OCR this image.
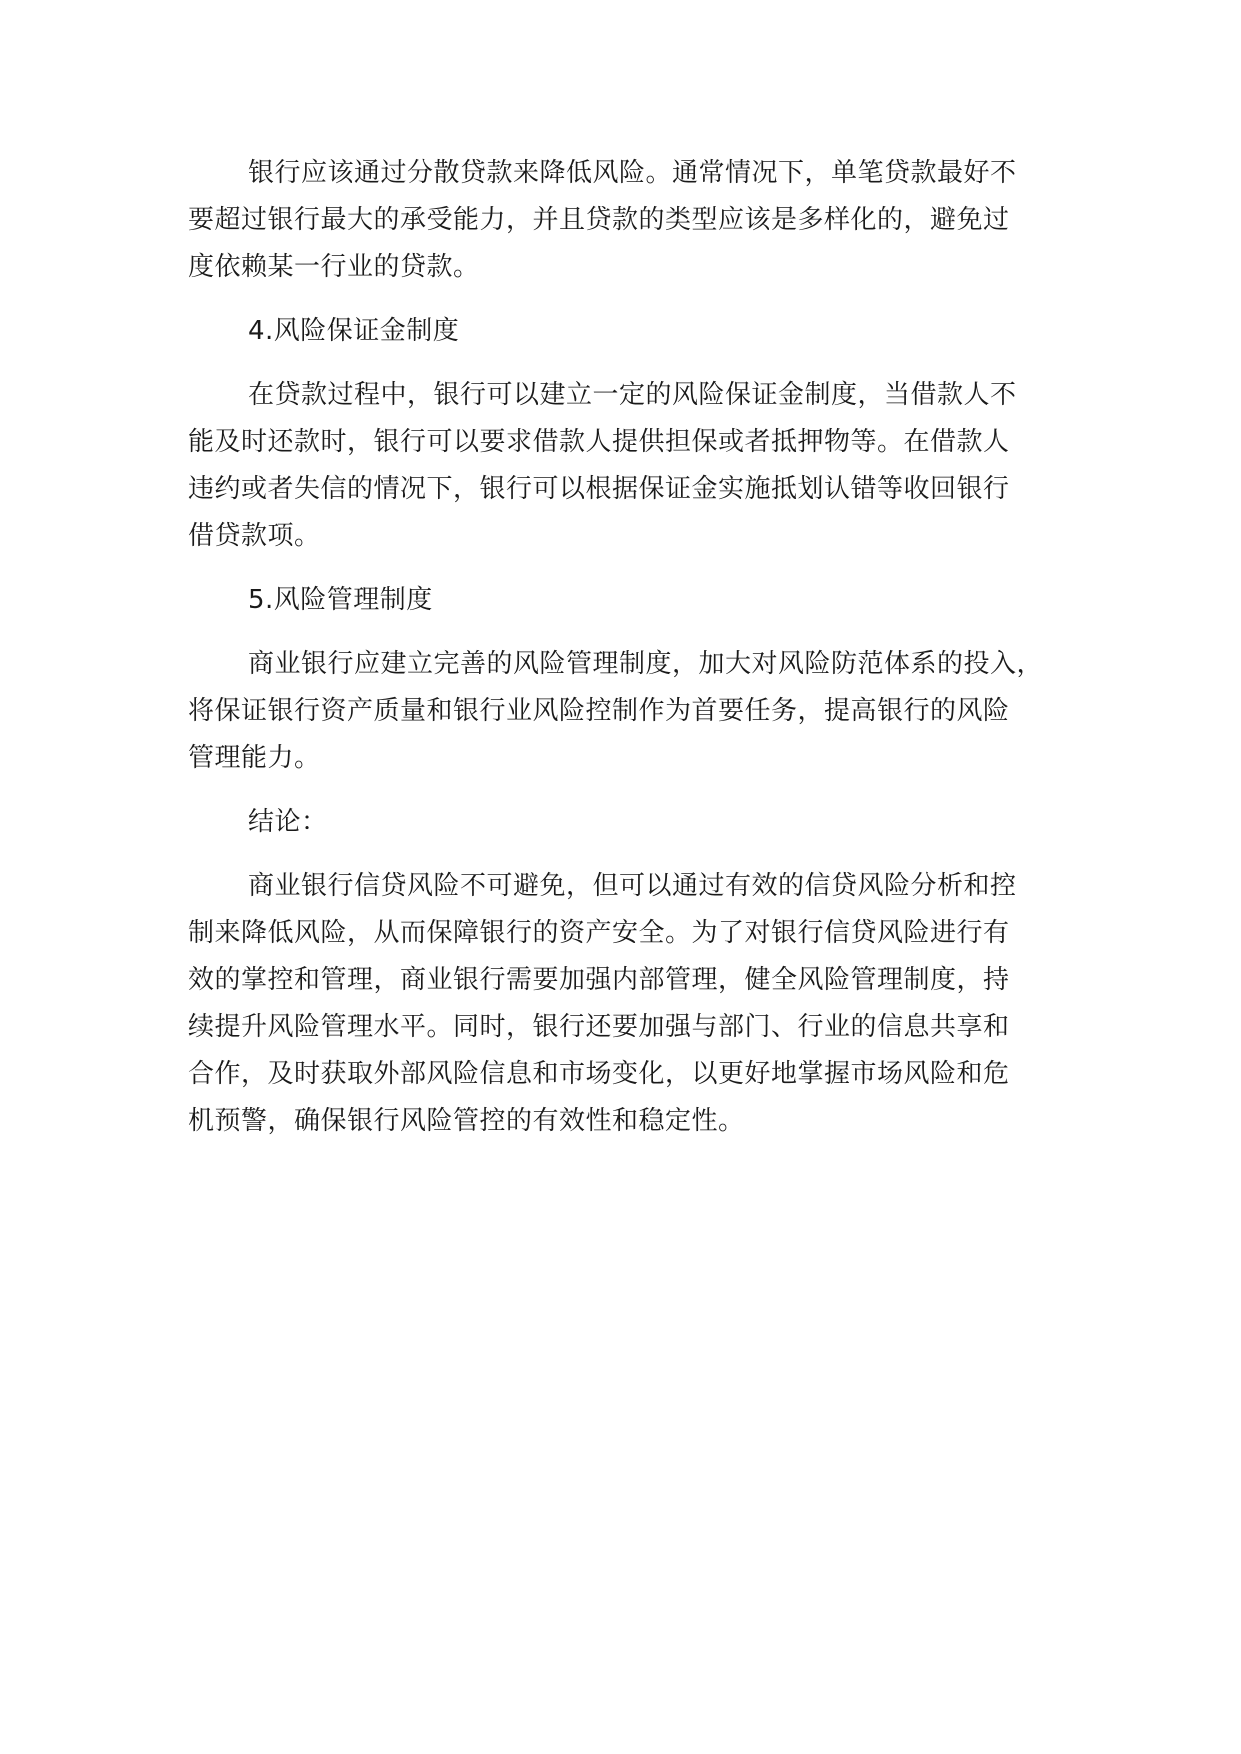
银行应该通过分散贷款来降低风险。通常情况下，单笔贷款最好不
要超过银行最大的承受能力，并且贷款的类型应该是多样化的，避免过
度依赖某一行业的贷款。
4.风险保证金制度
在贷款过程中，银行可以建立一定的风险保证金制度，当借款人不
能及时还款时，银行可以要求借款人提供担保或者抵押物等。在借款人
违约或者失信的情况下，银行可以根据保证金实施抵划认错等收回银行
借贷款项。
5.风险管理制度
商业银行应建立完善的风险管理制度，加大对风险防范体系的投入，
将保证银行资产质量和银行业风险控制作为首要任务，提高银行的风险
管理能力。
结论：
商业银行信贷风险不可避免，但可以通过有效的信贷风险分析和控
制来降低风险，从而保障银行的资产安全。为了对银行信贷风险进行有
效的掌控和管理，商业银行需要加强内部管理，健全风险管理制度，持
续提升风险管理水平。同时，银行还要加强与部门、行业的信息共享和
合作，及时获取外部风险信息和市场变化，以更好地掌握市场风险和危
机预警，确保银行风险管控的有效性和稳定性。
